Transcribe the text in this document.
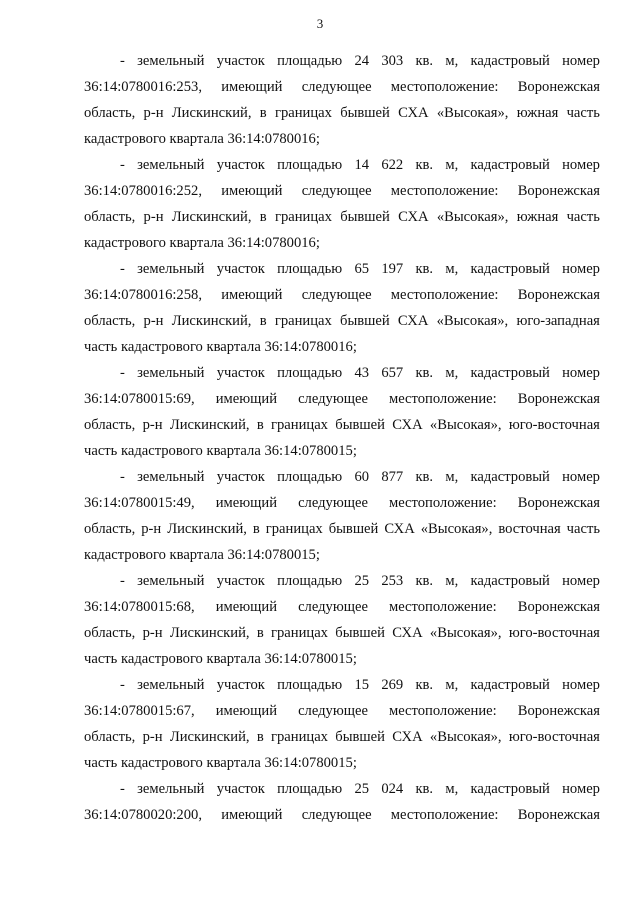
3
- земельный участок площадью 24 303 кв. м, кадастровый номер
36:14:0780016:253, имеющий следующее местоположение: Воронежская
область, р-н Лискинский, в границах бывшей СХА «Высокая», южная часть
кадастрового квартала 36:14:0780016;
- земельный участок площадью 14 622 кв. м, кадастровый номер
36:14:0780016:252, имеющий следующее местоположение: Воронежская
область, р-н Лискинский, в границах бывшей СХА «Высокая», южная часть
кадастрового квартала 36:14:0780016;
- земельный участок площадью 65 197 кв. м, кадастровый номер
36:14:0780016:258, имеющий следующее местоположение: Воронежская
область, р-н Лискинский, в границах бывшей СХА «Высокая», юго-западная
часть кадастрового квартала 36:14:0780016;
- земельный участок площадью 43 657 кв. м, кадастровый номер
36:14:0780015:69, имеющий следующее местоположение: Воронежская
область, р-н Лискинский, в границах бывшей СХА «Высокая», юго-восточная
часть кадастрового квартала 36:14:0780015;
- земельный участок площадью 60 877 кв. м, кадастровый номер
36:14:0780015:49, имеющий следующее местоположение: Воронежская
область, р-н Лискинский, в границах бывшей СХА «Высокая», восточная часть
кадастрового квартала 36:14:0780015;
- земельный участок площадью 25 253 кв. м, кадастровый номер
36:14:0780015:68, имеющий следующее местоположение: Воронежская
область, р-н Лискинский, в границах бывшей СХА «Высокая», юго-восточная
часть кадастрового квартала 36:14:0780015;
- земельный участок площадью 15 269 кв. м, кадастровый номер
36:14:0780015:67, имеющий следующее местоположение: Воронежская
область, р-н Лискинский, в границах бывшей СХА «Высокая», юго-восточная
часть кадастрового квартала 36:14:0780015;
- земельный участок площадью 25 024 кв. м, кадастровый номер
36:14:0780020:200, имеющий следующее местоположение: Воронежская
